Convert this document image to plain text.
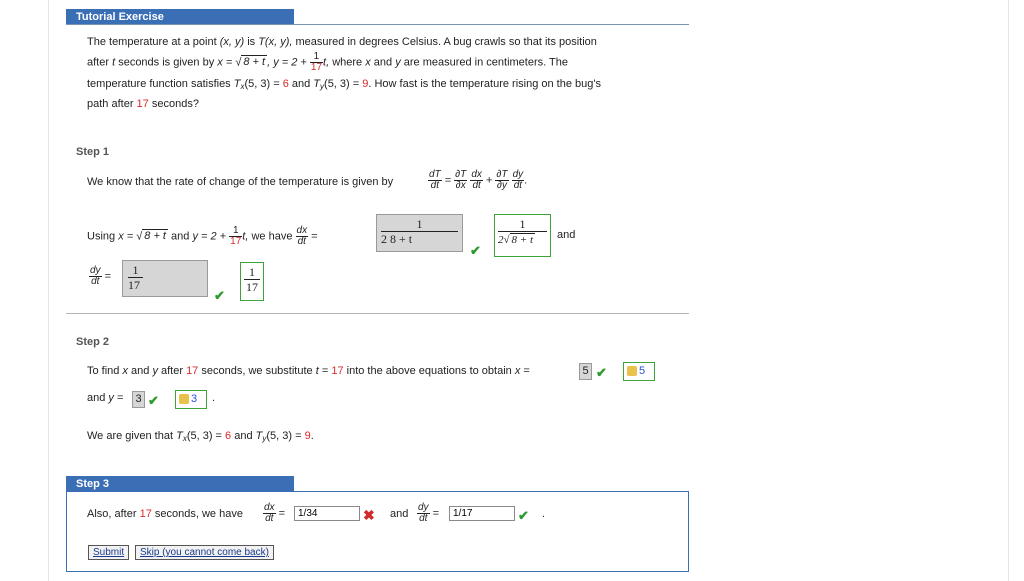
Tutorial Exercise
The temperature at a point (x, y) is T(x, y), measured in degrees Celsius. A bug crawls so that its position
after t seconds is given by x = √ 8 + t , $y = 2 + \frac{1}{17} t$, where x and y are measured in centimeters. The
temperature function satisfies $T_x(5$, 3) = 6 and $T_y(5$, 3) = 9. How fast is the temperature rising on the bug's
path after 17 seconds?
Step 1
We know that the rate of change of the temperature is given by	$\frac{dT}{dt} = \frac{\partial T}{\partial x}$
$\frac{dx}{dt} + \frac{\partial T}{\partial y}$
$\frac{dy}{dt}$ .
Using x = √ 8 + t and $y = 2 + \frac{1}{17} t$, we have $\frac{dx}{dt}$ =	$\frac{1}{2 8 + t}$ ✔ $\frac{1}{2√ 8 + t}$ and
$\frac{dy}{dt} = \frac{1}{17}$ ✔ $\frac{1}{17}$
Step 2
To find x and y after 17 seconds, we substitute t = 17 into the above equations to obtain x =	5 ✔	5
and y =	3 ✔	3	.
We are given that $T_x(5$, 3) = 6 and $T_y(5$, 3) = 9.
Step 3
Also, after 17 seconds, we have $\frac{dx}{dt}$ =
1/34	✖ and $\frac{dy}{dt}$ =
1/17	✔ .
Submit	Skip (you cannot come back)
